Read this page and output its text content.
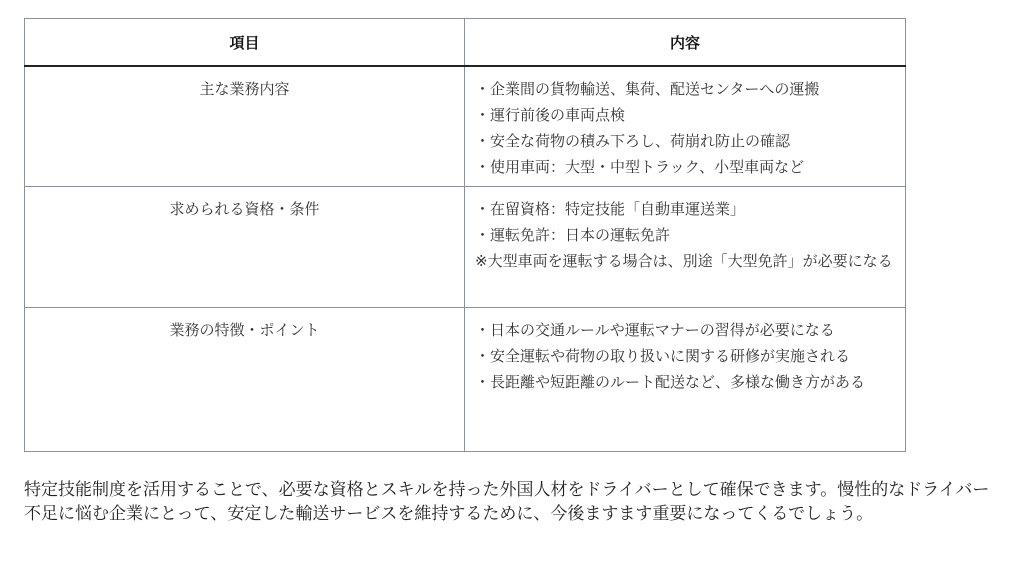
項目	内容
主な業務内容	・企業間の貨物輸送、集荷、配送センターへの運搬
・運行前後の車両点検
・安全な荷物の積み下ろし、荷崩れ防止の確認
・使用車両：大型・中型トラック、小型車両など

求められる資格・条件	・在留資格：特定技能「自動車運送業」
・運転免許：日本の運転免許
※大型車両を運転する場合は、別途「大型免許」が必要になる

業務の特徴・ポイント	・日本の交通ルールや運転マナーの習得が必要になる
・安全運転や荷物の取り扱いに関する研修が実施される
・長距離や短距離のルート配送など、多様な働き方がある

特定技能制度を活用することで、必要な資格とスキルを持った外国人材をドライバーとして確保できます。慢性的なドライバー不足に悩む企業にとって、安定した輸送サービスを維持するために、今後ますます重要になってくるでしょう。
